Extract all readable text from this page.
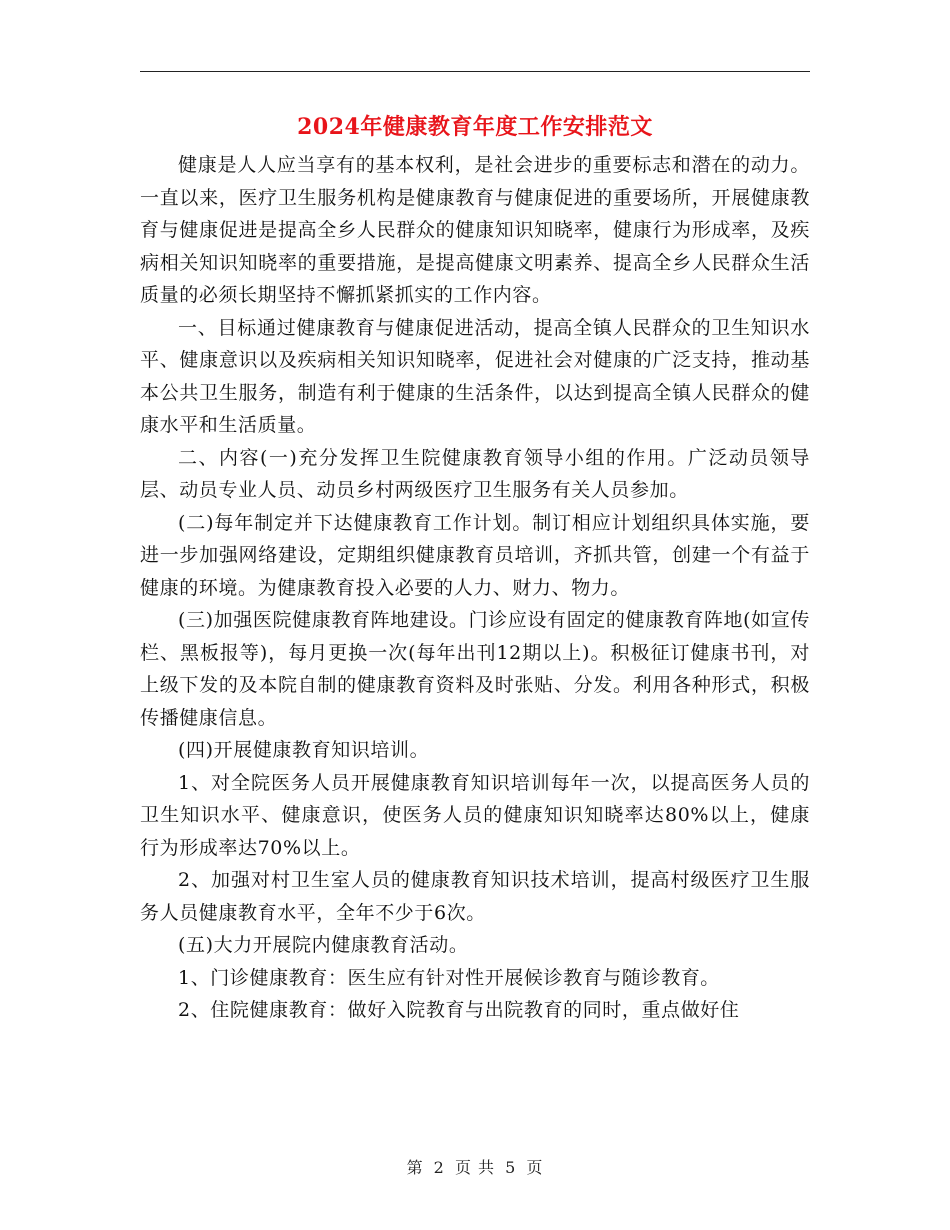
2024年健康教育年度工作安排范文

健康是人人应当享有的基本权利，是社会进步的重要标志和潜在的动力。一直以来，医疗卫生服务机构是健康教育与健康促进的重要场所，开展健康教育与健康促进是提高全乡人民群众的健康知识知晓率，健康行为形成率，及疾病相关知识知晓率的重要措施，是提高健康文明素养、提高全乡人民群众生活质量的必须长期坚持不懈抓紧抓实的工作内容。

一、目标通过健康教育与健康促进活动，提高全镇人民群众的卫生知识水平、健康意识以及疾病相关知识知晓率，促进社会对健康的广泛支持，推动基本公共卫生服务，制造有利于健康的生活条件，以达到提高全镇人民群众的健康水平和生活质量。

二、内容(一)充分发挥卫生院健康教育领导小组的作用。广泛动员领导层、动员专业人员、动员乡村两级医疗卫生服务有关人员参加。

(二)每年制定并下达健康教育工作计划。制订相应计划组织具体实施，要进一步加强网络建设，定期组织健康教育员培训，齐抓共管，创建一个有益于健康的环境。为健康教育投入必要的人力、财力、物力。

(三)加强医院健康教育阵地建设。门诊应设有固定的健康教育阵地(如宣传栏、黑板报等)，每月更换一次(每年出刊12期以上)。积极征订健康书刊，对上级下发的及本院自制的健康教育资料及时张贴、分发。利用各种形式，积极传播健康信息。

(四)开展健康教育知识培训。

1、对全院医务人员开展健康教育知识培训每年一次，以提高医务人员的卫生知识水平、健康意识，使医务人员的健康知识知晓率达80%以上，健康行为形成率达70%以上。

2、加强对村卫生室人员的健康教育知识技术培训，提高村级医疗卫生服务人员健康教育水平，全年不少于6次。

(五)大力开展院内健康教育活动。

1、门诊健康教育：医生应有针对性开展候诊教育与随诊教育。

2、住院健康教育：做好入院教育与出院教育的同时，重点做好住

第 2 页 共 5 页
